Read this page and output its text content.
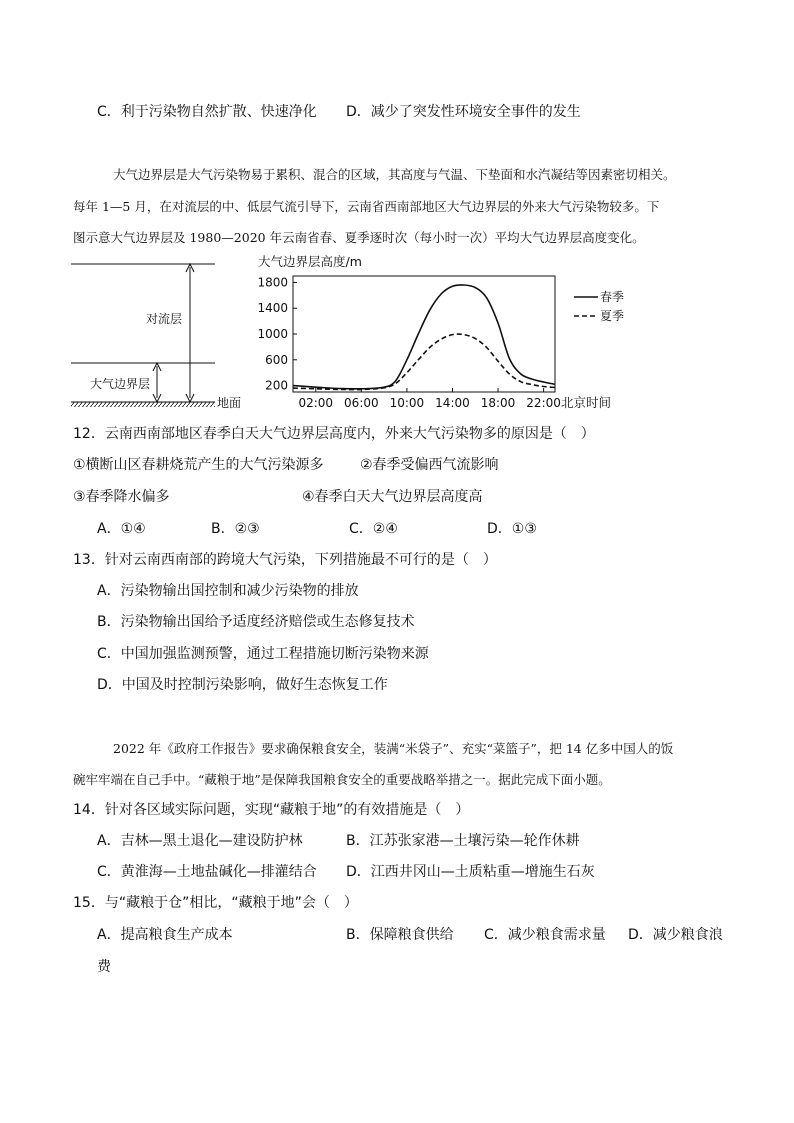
C．利于污染物自然扩散、快速净化 D．减少了突发性环境安全事件的发生
大气边界层是大气污染物易于累积、混合的区域，其高度与气温、下垫面和水汽凝结等因素密切相关。
每年 1—5 月，在对流层的中、低层气流引导下，云南省西南部地区大气边界层的外来大气污染物较多。下
图示意大气边界层及 1980—2020 年云南省春、夏季逐时次（每小时一次）平均大气边界层高度变化。
对流层
大气边界层
地面
大气边界层高度/m
1800
1400
1000
600
200
02:00 06:00 10:00 14:00 18:00 22:00 北京时间
春季
夏季
12．云南西南部地区春季白天大气边界层高度内，外来大气污染物多的原因是（　）
①横断山区春耕烧荒产生的大气污染源多	②春季受偏西气流影响
③春季降水偏多	④春季白天大气边界层高度高
A．①④	B．②③	C．②④	D．①③
13．针对云南西南部的跨境大气污染，下列措施最不可行的是（　）
A．污染物输出国控制和减少污染物的排放
B．污染物输出国给予适度经济赔偿或生态修复技术
C．中国加强监测预警，通过工程措施切断污染物来源
D．中国及时控制污染影响，做好生态恢复工作
2022 年《政府工作报告》要求确保粮食安全，装满“米袋子”、充实“菜篮子”，把 14 亿多中国人的饭
碗牢牢端在自己手中。“藏粮于地”是保障我国粮食安全的重要战略举措之一。据此完成下面小题。
14．针对各区域实际问题，实现“藏粮于地”的有效措施是（　）
A．吉林—黑土退化—建设防护林	B．江苏张家港—土壤污染—轮作休耕
C．黄淮海—土地盐碱化—排灌结合 D．江西井冈山—土质粘重—增施生石灰
15．与“藏粮于仓”相比，“藏粮于地”会（　）
A．提高粮食生产成本	B．保障粮食供给 C．减少粮食需求量 D．减少粮食浪
费
